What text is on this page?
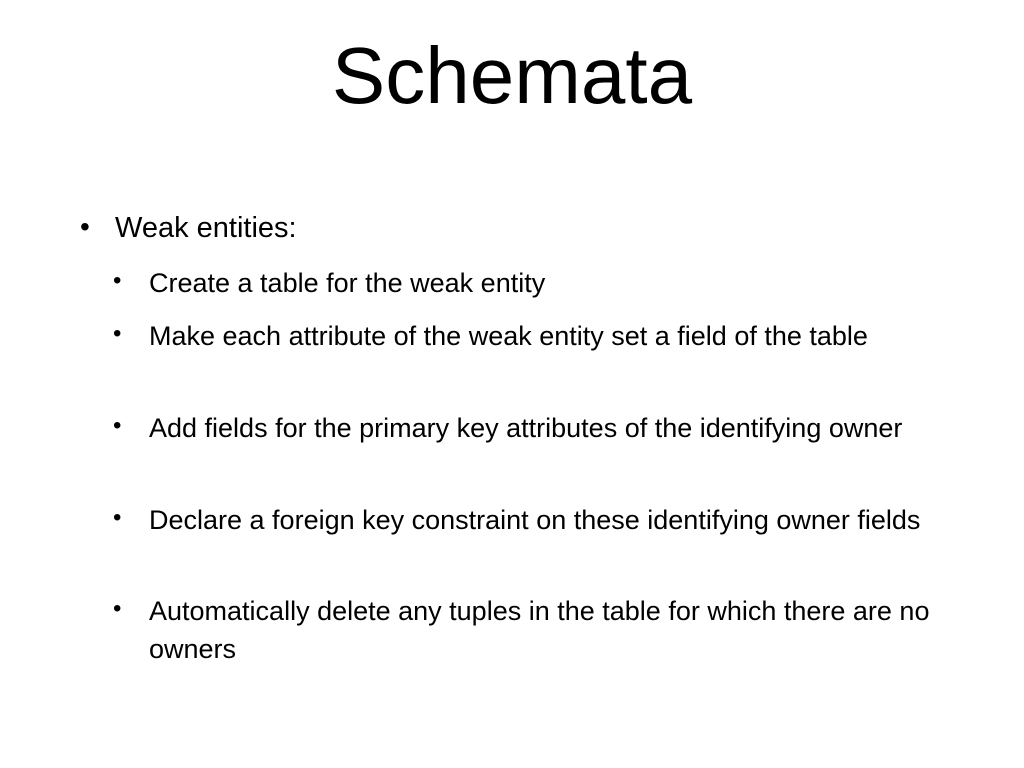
Schemata
• Weak entities:
• Create a table for the weak entity
• Make each attribute of the weak entity set a field of the table
• Add fields for the primary key attributes of the identifying owner
• Declare a foreign key constraint on these identifying owner fields
• Automatically delete any tuples in the table for which there are no owners
